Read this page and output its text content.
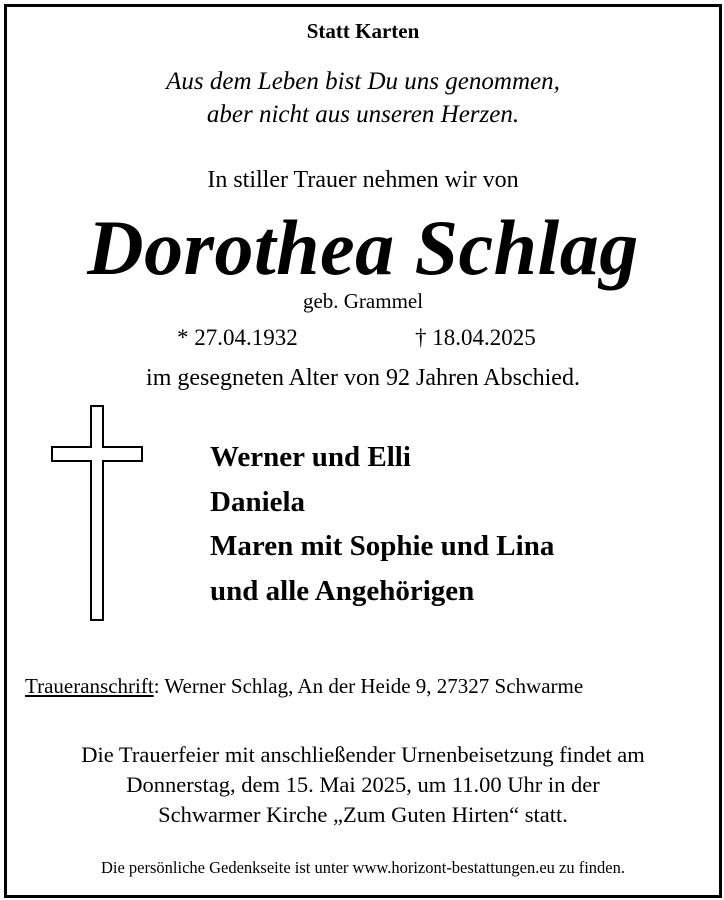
Statt Karten
Aus dem Leben bist Du uns genommen,
aber nicht aus unseren Herzen.
In stiller Trauer nehmen wir von
Dorothea Schlag
geb. Grammel
* 27.04.1932	† 18.04.2025
im gesegneten Alter von 92 Jahren Abschied.
Werner und Elli
Daniela
Maren mit Sophie und Lina
und alle Angehörigen
Traueranschrift: Werner Schlag, An der Heide 9, 27327 Schwarme
Die Trauerfeier mit anschließender Urnenbeisetzung findet am
Donnerstag, dem 15. Mai 2025, um 11.00 Uhr in der
Schwarmer Kirche „Zum Guten Hirten“ statt.
Die persönliche Gedenkseite ist unter www.horizont-bestattungen.eu zu finden.
